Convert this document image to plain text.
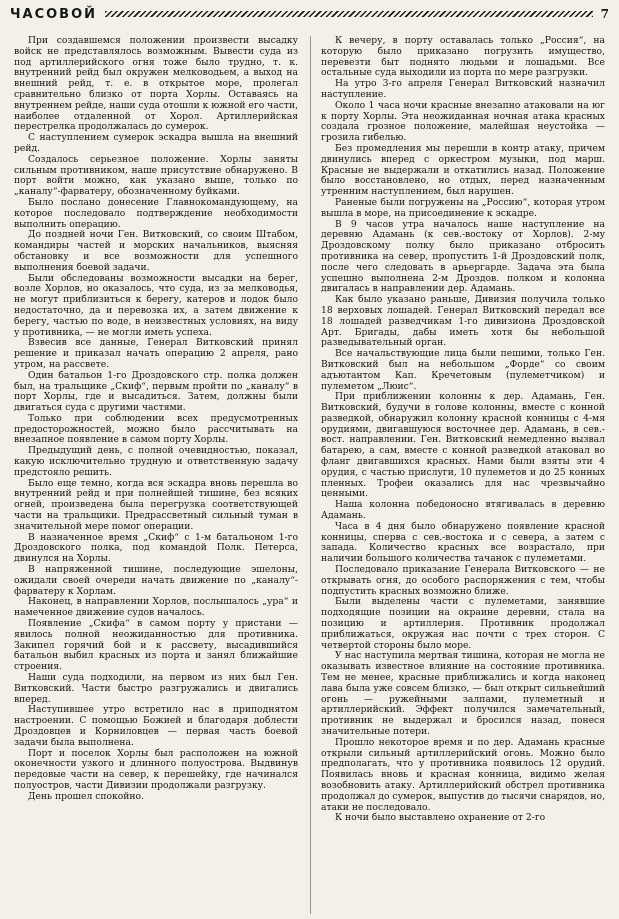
ЧАСОВОЙ	7

При создавшемся положении произвести высадку войск не представлялось возможным. Вывести суда из под артиллерийского огня тоже было трудно, т. к. внутренний рейд был окружен мелководьем, а выход на внешний рейд, т. е. в открытое море, пролегал сравнительно близко от порта Хорлы. Оставаясь на внутреннем рейде, наши суда отошли к южной его части, наиболее отдаленной от Хорол. Артиллерийская перестрелка продолжалась до сумерок.

С наступлением сумерок эскадра вышла на внешний рейд.

Создалось серьезное положение. Хорлы заняты сильным противником, наше присутствие обнаружено. В порт войти можно, как указано выше, только по „каналу“-фарватеру, обозначенному буйками.

Было послано донесение Главнокомандующему, на которое последовало подтверждение необходимости выполнить операцию.

До поздней ночи Ген. Витковский, со своим Штабом, командиры частей и морских начальников, выясняя обстановку и все возможности для успешного выполнения боевой задачи.

Были обследованы возможности высадки на берег, возле Хорлов, но оказалось, что суда, из за мелководья, не могут приблизиться к берегу, катеров и лодок было недостаточно, да и перевозка их, а затем движение к берегу, частью по воде, в неизвестных условиях, на виду у противника, — не могли иметь успеха.

Взвесив все данные, Генерал Витковский принял решение и приказал начать операцию 2 апреля, рано утром, на рассвете.

Один батальон 1-го Дроздовского стр. полка должен был, на тральщике „Скиф“, первым пройти по „каналу“ в порт Хорлы, где и высадиться. Затем, должны были двигаться суда с другими частями.

Только при соблюдении всех предусмотренных предосторожностей, можно было рассчитывать на внезапное появление в самом порту Хорлы.

Предыдущий день, с полной очевидностью, показал, какую исключительно трудную и ответственную задачу предстояло решить.

Было еще темно, когда вся эскадра вновь перешла во внутренний рейд и при полнейшей тишине, без всяких огней, произведена была перегрузка соответствующей части на тральщики. Предрассветный сильный туман в значительной мере помог операции.

В назначенное время „Скиф“ с 1-м батальоном 1-го Дроздовского полка, под командой Полк. Петерса, двинулся на Хорлы.

В напряженной тишине, последующие эшелоны, ожидали своей очереди начать движение по „каналу“-фарватеру к Хорлам.

Наконец, в направлении Хорлов, послышалось „ура“ и намеченное движение судов началось.

Появление „Скифа“ в самом порту у пристани — явилось полной неожиданностью для противника. Закипел горячий бой и к рассвету, высадившийся батальон выбил красных из порта и занял ближайшие строения.

Наши суда подходили, на первом из них был Ген. Витковский. Части быстро разгружались и двигались вперед.

Наступившее утро встретило нас в приподнятом настроении. С помощью Божией и благодаря доблести Дроздовцев и Корниловцев — первая часть боевой задачи была выполнена.

Порт и поселок Хорлы был расположен на южной оконечности узкого и длинного полуострова. Выдвинув передовые части на север, к перешейку, где начинался полуостров, части Дивизии продолжали разгрузку.

День прошел спокойно.

К вечеру, в порту оставалась только „Россия“, на которую было приказано погрузить имущество, перевезти быт поднято людьми и лошадьми. Все остальные суда выходили из порта по мере разгрузки.

На утро 3-го апреля Генерал Витковский назначил наступление.

Около 1 часа ночи красные внезапно атаковали на юг к порту Хорлы. Эта неожиданная ночная атака красных создала грозное положение, малейшая неустойка — грозила гибелью.

Без промедления мы перешли в контр атаку, причем двинулись вперед с оркестром музыки, под марш. Красные не выдержали и откатились назад. Положение было восстановлено, но отдых, перед назначенным утренним наступлением, был нарушен.

Раненые были погружены на „Россию“, которая утром вышла в море, на присоединение к эскадре.

В 9 часов утра началось наше наступление на деревню Адамань (к сев.-востоку от Хорлов). 2-му Дроздовскому полку было приказано отбросить противника на север, пропустить 1-й Дроздовский полк, после чего следовать в арьергарде. Задача эта была успешно выполнена 2-м Дроздов. полком и колонна двигалась в направлении дер. Адамань.

Как было указано раньше, Дивизия получила только 18 верховых лошадей. Генерал Витковский передал все 18 лошадей разведчикам 1-го дивизиона Дроздовской Арт. Бригады, дабы иметь хотя бы небольшой разведывательный орган.

Все начальствующие лица были пешими, только Ген. Витковский был на небольшом „Форде“ со своим адъютантом Кап. Кречетовым (пулеметчиком) и пулеметом „Люис“.

При приближении колонны к дер. Адамань, Ген. Витковский, будучи в голове колонны, вместе с конной разведкой, обнаружил колонну красной конницы с 4-мя орудиями, двигавшуюся восточнее дер. Адамань, в сев.-вост. направлении. Ген. Витковский немедленно вызвал батарею, а сам, вместе с конной разведкой атаковал во фланг двигавшихся красных. Нами были взяты эти 4 орудия, с частью прислуги, 10 пулеметов и до 25 конных пленных. Трофеи оказались для нас чрезвычайно ценными.

Наша колонна победоносно втягивалась в деревню Адамань.

Часа в 4 дня было обнаружено появление красной конницы, сперва с сев.-востока и с севера, а затем с запада. Количество красных все возрастало, при наличии большого количества тачанок с пулеметами.

Последовало приказание Генерала Витковского — не открывать огня, до особого распоряжения с тем, чтобы подпустить красных возможно ближе.

Были выделены части с пулеметами, занявшие подходящие позиции на окраине деревни, стала на позицию и артиллерия. Противник продолжал приближаться, окружая нас почти с трех сторон. С четвертой стороны было море.

У нас наступила мертвая тишина, которая не могла не оказывать известное влияние на состояние противника. Тем не менее, красные приближались и когда наконец лава была уже совсем близко, — был открыт сильнейший огонь — ружейными залпами, пулеметный и артиллерийский. Эффект получился замечательный, противник не выдержал и бросился назад, понеся значительные потери.

Прошло некоторое время и по дер. Адамань красные открыли сильный артиллерийский огонь. Можно было предполагать, что у противника появилось 12 орудий. Появилась вновь и красная конница, видимо желая возобновить атаку. Артиллерийский обстрел противника продолжал до сумерок, выпустив до тысячи снарядов, но, атаки не последовало.

К ночи было выставлено охранение от 2-го
